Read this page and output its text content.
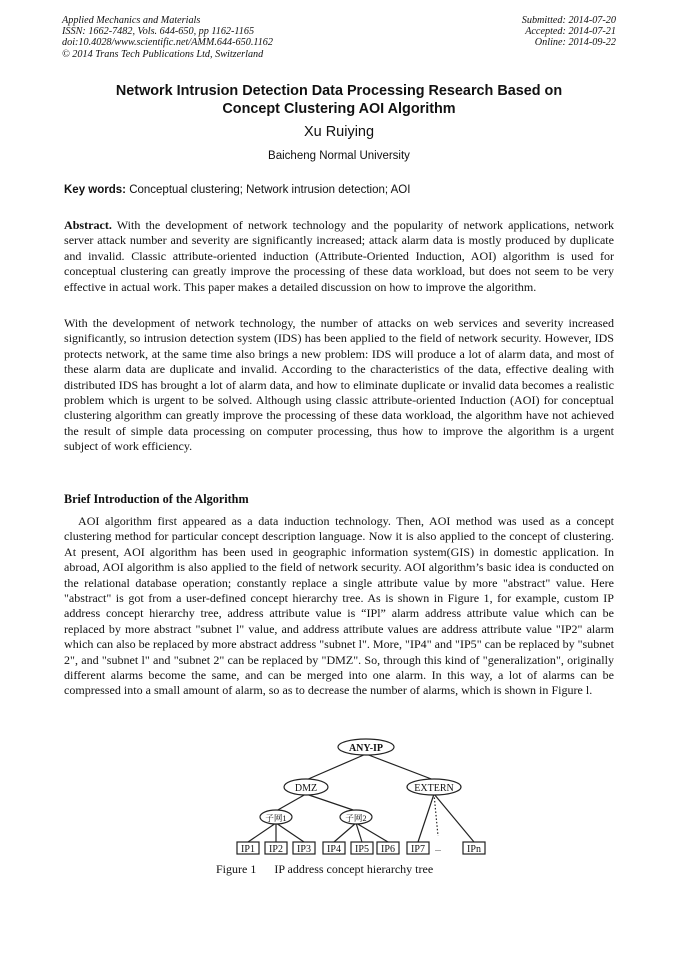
Applied Mechanics and Materials
ISSN: 1662-7482, Vols. 644-650, pp 1162-1165
doi:10.4028/www.scientific.net/AMM.644-650.1162
© 2014 Trans Tech Publications Ltd, Switzerland
Submitted: 2014-07-20
Accepted: 2014-07-21
Online: 2014-09-22
Network Intrusion Detection Data Processing Research Based on
Concept Clustering AOI Algorithm
Xu Ruiying
Baicheng Normal University
Key words: Conceptual clustering; Network intrusion detection; AOI

Abstract. With the development of network technology and the popularity of network applications, network server attack number and severity are significantly increased; attack alarm data is mostly produced by duplicate and invalid. Classic attribute-oriented induction (Attribute-Oriented Induction, AOI) algorithm is used for conceptual clustering can greatly improve the processing of these data workload, but does not seem to be very effective in actual work. This paper makes a detailed discussion on how to improve the algorithm.

With the development of network technology, the number of attacks on web services and severity increased significantly, so intrusion detection system (IDS) has been applied to the field of network security. However, IDS protects network, at the same time also brings a new problem: IDS will produce a lot of alarm data, and most of these alarm data are duplicate and invalid. According to the characteristics of the data, effective dealing with distributed IDS has brought a lot of alarm data, and how to eliminate duplicate or invalid data becomes a realistic problem which is urgent to be solved. Although using classic attribute-oriented Induction (AOI) for conceptual clustering algorithm can greatly improve the processing of these data workload, the algorithm have not achieved the result of simple data processing on computer processing, thus how to improve the algorithm is a urgent subject of work efficiency.

Brief Introduction of the Algorithm

AOI algorithm first appeared as a data induction technology. Then, AOI method was used as a concept clustering method for particular concept description language. Now it is also applied to the concept of clustering. At present, AOI algorithm has been used in geographic information system(GIS) in domestic application. In abroad, AOI algorithm is also applied to the field of network security. AOI algorithm’s basic idea is conducted on the relational database operation; constantly replace a single attribute value by more "abstract" value. Here "abstract" is got from a user-defined concept hierarchy tree. As is shown in Figure 1, for example, custom IP address concept hierarchy tree, address attribute value is “IPl” alarm address attribute value which can be replaced by more abstract "subnet l" value, and address attribute values are address attribute value "IP2" alarm which can also be replaced by more abstract address "subnet l". More, "IP4" and "IP5" can be replaced by "subnet 2", and "subnet l" and "subnet 2" can be replaced by "DMZ". So, through this kind of "generalization", originally different alarms become the same, and can be merged into one alarm. In this way, a lot of alarms can be compressed into a small amount of alarm, so as to decrease the number of alarms, which is shown in Figure l.

ANY-IP
DMZ	EXTERN
子网1	子网2
IP1 IP2 IP3 IP4 IP5 IP6 IP7 ...	IPn
Figure 1      IP address concept hierarchy tree
